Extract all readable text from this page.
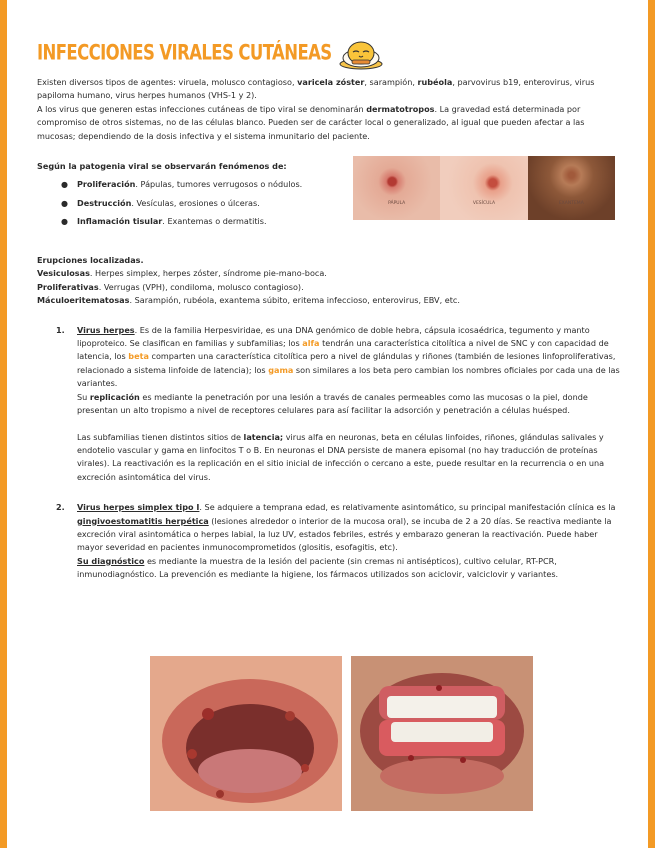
INFECCIONES VIRALES CUTÁNEAS

Existen diversos tipos de agentes: viruela, molusco contagioso, varicela zóster, sarampión, rubéola, parvovirus b19, enterovirus, virus papiloma humano, virus herpes humanos (VHS-1 y 2).

A los virus que generen estas infecciones cutáneas de tipo viral se denominarán dermatotropos. La gravedad está determinada por compromiso de otros sistemas, no de las células blanco. Pueden ser de carácter local o generalizado, al igual que pueden afectar a las mucosas; dependiendo de la dosis infectiva y el sistema inmunitario del paciente.

Según la patogenia viral se observarán fenómenos de:

● Proliferación. Pápulas, tumores verrugosos o nódulos.
● Destrucción. Vesículas, erosiones o úlceras.
● Inflamación tisular. Exantemas o dermatitis.
PÁPULA	VESÍCULA	EXANTEMA

Erupciones localizadas.

Vesiculosas. Herpes simplex, herpes zóster, síndrome pie-mano-boca.

Proliferativas. Verrugas (VPH), condiloma, molusco contagioso).

Máculoeritematosas. Sarampión, rubéola, exantema súbito, eritema infeccioso, enterovirus, EBV, etc.

1. Virus herpes. Es de la familia Herpesviridae, es una DNA genómico de doble hebra, cápsula icosaédrica, tegumento y manto lipoproteico. Se clasifican en familias y subfamilias; los alfa tendrán una característica citolítica a nivel de SNC y con capacidad de latencia, los beta comparten una característica citolítica pero a nivel de glándulas y riñones (también de lesiones linfoproliferativas, relacionado a sistema linfoide de latencia); los gama son similares a los beta pero cambian los nombres oficiales por cada una de las variantes.

Su replicación es mediante la penetración por una lesión a través de canales permeables como las mucosas o la piel, donde presentan un alto tropismo a nivel de receptores celulares para así facilitar la adsorción y penetración a células huésped.

Las subfamilias tienen distintos sitios de latencia; virus alfa en neuronas, beta en células linfoides, riñones, glándulas salivales y endotelio vascular y gama en linfocitos T o B. En neuronas el DNA persiste de manera episomal (no hay traducción de proteínas virales). La reactivación es la replicación en el sitio inicial de infección o cercano a este, puede resultar en la recurrencia o en una excreción asintomática del virus.

2. Virus herpes simplex tipo I. Se adquiere a temprana edad, es relativamente asintomático, su principal manifestación clínica es la gingivoestomatitis herpética (lesiones alrededor o interior de la mucosa oral), se incuba de 2 a 20 días. Se reactiva mediante la excreción viral asintomática o herpes labial, la luz UV, estados febriles, estrés y embarazo generan la reactivación. Puede haber mayor severidad en pacientes inmunocomprometidos (glositis, esofagitis, etc).

Su diagnóstico es mediante la muestra de la lesión del paciente (sin cremas ni antisépticos), cultivo celular, RT-PCR, inmunodiagnóstico. La prevención es mediante la higiene, los fármacos utilizados son aciclovir, valciclovir y variantes.
